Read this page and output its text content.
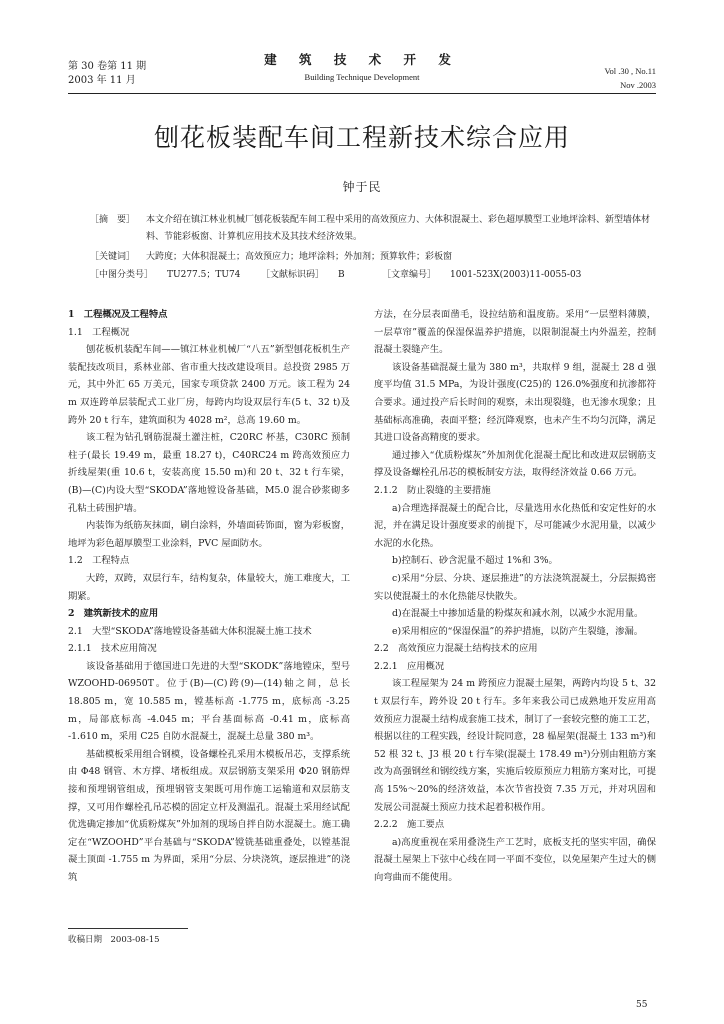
第 30 卷第 11 期
2003 年 11 月
建 筑 技 术 开 发
Building Technique Development
Vol .30 , No.11
Nov .2003
刨花板装配车间工程新技术综合应用
钟于民
［摘　要］	本文介绍在镇江林业机械厂刨花板装配车间工程中采用的高效预应力、大体积混凝土、彩色超厚膜型工业地坪涂料、新型墙体材料、节能彩板窗、计算机应用技术及其技术经济效果。
［关键词］	大跨度；大体积混凝土；高效预应力；地坪涂料；外加剂；预算软件；彩板窗
［中图分类号］ TU277.5；TU74	［文献标识码］ B	［文章编号］ 1001-523X(2003)11-0055-03

1　工程概况及工程特点

1.1　工程概况

刨花板机装配车间——镇江林业机械厂“八五”新型刨花板机生产装配技改项目，系林业部、省市重大技改建设项目。总投资 2985 万元，其中外汇 65 万美元，国家专项贷款 2400 万元。该工程为 24 m 双连跨单层装配式工业厂房，每跨内均设双层行车(5 t、32 t)及跨外 20 t 行车，建筑面积为 4028 m²，总高 19.60 m。

该工程为钻孔钢筋混凝土灌注桩，C20RC 杯基，C30RC 预制柱子(最长 19.49 m，最重 18.27 t)，C40RC24 m 跨高效预应力折线屋架(重 10.6 t，安装高度 15.50 m)和 20 t、32 t 行车梁，(B)—(C)内设大型“SKODA”落地镗设备基础，M5.0 混合砂浆砌多孔粘土砖围护墙。

内装饰为纸筋灰抹面，刷白涂料，外墙面砖饰面，窗为彩板窗，地坪为彩色超厚膜型工业涂料，PVC 屋面防水。

1.2　工程特点

大跨，双跨，双层行车，结构复杂，体量较大，施工难度大，工期紧。

2　建筑新技术的应用

2.1　大型“SKODA”落地镗设备基础大体积混凝土施工技术

2.1.1　技术应用简况

该设备基础用于德国进口先进的大型“SKODK”落地镗床，型号 WZOOHD-06950T。位于(B)—(C)跨(9)—(14)轴之间，总长 18.805 m，宽 10.585 m，镗基标高 -1.775 m，底标高 -3.25 m，局部底标高 -4.045 m；平台基面标高 -0.41 m，底标高 -1.610 m，采用 C25 自防水混凝土，混凝土总量 380 m³。

基础模板采用组合钢模，设备螺栓孔采用木模板吊芯，支撑系统由 Φ48 钢管、木方撑、堵板组成。双层钢筋支架采用 Φ20 钢筋焊接和预埋钢管组成，预埋钢管支架既可用作施工运输道和双层筋支撑，又可用作螺栓孔吊芯模的固定立杆及测温孔。混凝土采用经试配优选确定掺加“优质粉煤灰”外加剂的现场自拌自防水混凝土。施工确定在“WZOOHD”平台基础与“SKODA”镗铣基础重叠处，以镗基混凝土顶面 -1.755 m 为界面，采用“分层、分块浇筑，逐层推进”的浇筑

方法，在分层表面凿毛，设拉结筋和温度筋。采用“一层塑料薄膜，一层草帘”覆盖的保湿保温养护措施，以限制混凝土内外温差，控制混凝土裂缝产生。

该设备基础混凝土量为 380 m³，共取样 9 组，混凝土 28 d 强度平均值 31.5 MPa，为设计强度(C25)的 126.0%强度和抗渗都符合要求。通过投产后长时间的观察，未出现裂缝，也无渗水现象；且基础标高准确，表面平整；经沉降观察，也未产生不均匀沉降，满足其进口设备高精度的要求。

通过掺入“优质粉煤灰”外加剂优化混凝土配比和改进双层钢筋支撑及设备螺栓孔吊芯的模板制安方法，取得经济效益 0.66 万元。

2.1.2　防止裂缝的主要措施

a)合理选择混凝土的配合比，尽量选用水化热低和安定性好的水泥，并在满足设计强度要求的前提下，尽可能减少水泥用量，以减少水泥的水化热。

b)控制石、砂含泥量不超过 1%和 3%。

c)采用“分层、分块、逐层推进”的方法浇筑混凝土，分层振捣密实以使混凝土的水化热能尽快散失。

d)在混凝土中掺加适量的粉煤灰和减水剂，以减少水泥用量。

e)采用相应的“保湿保温”的养护措施，以防产生裂缝，渗漏。

2.2　高效预应力混凝土结构技术的应用

2.2.1　应用概况

该工程屋架为 24 m 跨预应力混凝土屋架，两跨内均设 5 t、32 t 双层行车，跨外设 20 t 行车。多年来我公司已成熟地开发应用高效预应力混凝土结构成套施工技术，制订了一套较完整的施工工艺，根据以往的工程实践，经设计院同意，28 榀屋架(混凝土 133 m³)和 52 根 32 t、J3 根 20 t 行车梁(混凝土 178.49 m³)分别由粗筋方案改为高强钢丝和钢绞线方案，实施后较原预应力粗筋方案对比，可提高 15%～20%的经济效益，本次节省投资 7.35 万元，并对巩固和发展公司混凝土预应力技术起着积极作用。

2.2.2　施工要点

a)高度重视在采用叠浇生产工艺时，底板支托的坚实牢固，确保混凝土屋架上下弦中心线在同一平面不变位，以免屋架产生过大的侧向弯曲而不能使用。

收稿日期　2003-08-15
55
